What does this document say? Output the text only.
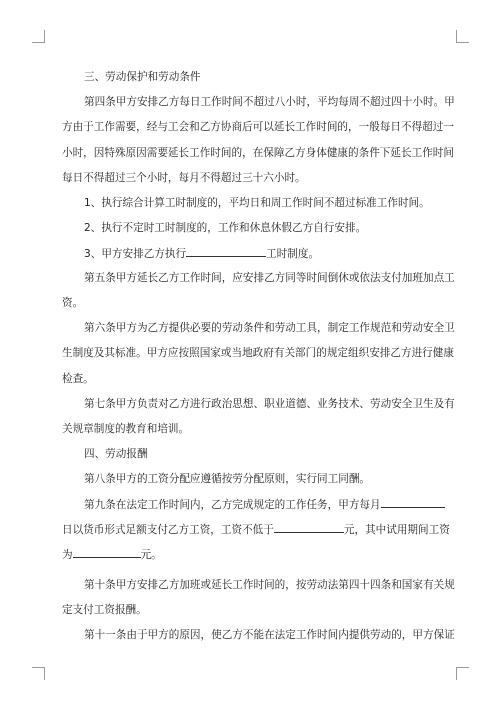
三、劳动保护和劳动条件
第四条甲方安排乙方每日工作时间不超过八小时，平均每周不超过四十小时。甲
方由于工作需要，经与工会和乙方协商后可以延长工作时间的，一般每日不得超过一
小时，因特殊原因需要延长工作时间的，在保障乙方身体健康的条件下延长工作时间
每日不得超过三个小时，每月不得超过三十六小时。
1、执行综合计算工时制度的，平均日和周工作时间不超过标准工作时间。
2、执行不定时工时制度的，工作和休息休假乙方自行安排。
3、甲方安排乙方执行	工时制度。
第五条甲方延长乙方工作时间，应安排乙方同等时间倒休或依法支付加班加点工
资。
第六条甲方为乙方提供必要的劳动条件和劳动工具，制定工作规范和劳动安全卫
生制度及其标准。甲方应按照国家或当地政府有关部门的规定组织安排乙方进行健康
检查。
第七条甲方负责对乙方进行政治思想、职业道德、业务技术、劳动安全卫生及有
关规章制度的教育和培训。
四、劳动报酬
第八条甲方的工资分配应遵循按劳分配原则，实行同工同酬。
第九条在法定工作时间内，乙方完成规定的工作任务，甲方每月
日以货币形式足额支付乙方工资，工资不低于	元，其中试用期间工资
为	元。
第十条甲方安排乙方加班或延长工作时间的，按劳动法第四十四条和国家有关规
定支付工资报酬。
第十一条由于甲方的原因，使乙方不能在法定工作时间内提供劳动的，甲方保证
